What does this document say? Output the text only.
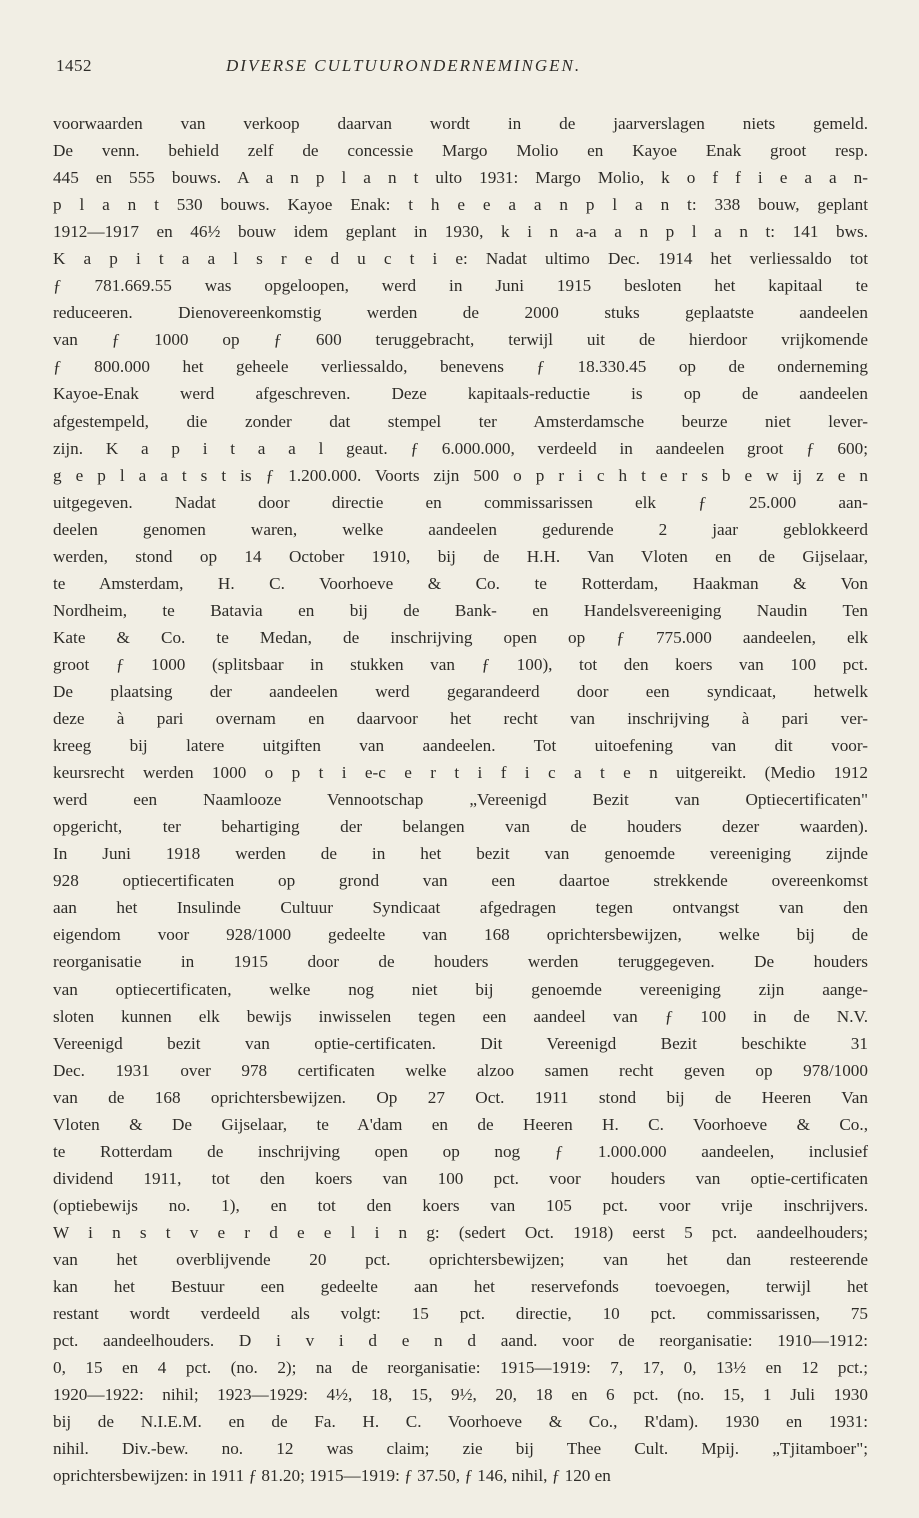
1452	DIVERSE CULTUURONDERNEMINGEN.
voorwaarden van verkoop daarvan wordt in de jaarverslagen niets gemeld.
De venn. behield zelf de concessie Margo Molio en Kayoe Enak groot resp.
445 en 555 bouws. A a n p l a n t ulto 1931: Margo Molio, k o f f i e a a n-
p l a n t 530 bouws. Kayoe Enak: t h e e a a n p l a n t: 338 bouw, geplant
1912—1917 en 46½ bouw idem geplant in 1930, k i n a-a a n p l a n t: 141 bws.
K a p i t a a l s r e d u c t i e: Nadat ultimo Dec. 1914 het verliessaldo tot
ƒ 781.669.55 was opgeloopen, werd in Juni 1915 besloten het kapitaal te
reduceeren. Dienovereenkomstig werden de 2000 stuks geplaatste aandeelen
van ƒ 1000 op ƒ 600 teruggebracht, terwijl uit de hierdoor vrijkomende
ƒ 800.000 het geheele verliessaldo, benevens ƒ 18.330.45 op de onderneming
Kayoe-Enak werd afgeschreven. Deze kapitaals-reductie is op de aandeelen
afgestempeld, die zonder dat stempel ter Amsterdamsche beurze niet lever-
zijn. K a p i t a a l geaut. ƒ 6.000.000, verdeeld in aandeelen groot ƒ 600;
g e p l a a t s t is ƒ 1.200.000. Voorts zijn 500 o p r i c h t e r s b e w ij z e n
uitgegeven. Nadat door directie en commissarissen elk ƒ 25.000 aan-
deelen genomen waren, welke aandeelen gedurende 2 jaar geblokkeerd
werden, stond op 14 October 1910, bij de H.H. Van Vloten en de Gijselaar,
te Amsterdam, H. C. Voorhoeve & Co. te Rotterdam, Haakman & Von
Nordheim, te Batavia en bij de Bank- en Handelsvereeniging Naudin Ten
Kate & Co. te Medan, de inschrijving open op ƒ 775.000 aandeelen, elk
groot ƒ 1000 (splitsbaar in stukken van ƒ 100), tot den koers van 100 pct.
De plaatsing der aandeelen werd gegarandeerd door een syndicaat, hetwelk
deze à pari overnam en daarvoor het recht van inschrijving à pari ver-
kreeg bij latere uitgiften van aandeelen. Tot uitoefening van dit voor-
keursrecht werden 1000 o p t i e-c e r t i f i c a t e n uitgereikt. (Medio 1912
werd een Naamlooze Vennootschap „Vereenigd Bezit van Optiecertificaten"
opgericht, ter behartiging der belangen van de houders dezer waarden).
In Juni 1918 werden de in het bezit van genoemde vereeniging zijnde
928 optiecertificaten op grond van een daartoe strekkende overeenkomst
aan het Insulinde Cultuur Syndicaat afgedragen tegen ontvangst van den
eigendom voor 928/1000 gedeelte van 168 oprichtersbewijzen, welke bij de
reorganisatie in 1915 door de houders werden teruggegeven. De houders
van optiecertificaten, welke nog niet bij genoemde vereeniging zijn aange-
sloten kunnen elk bewijs inwisselen tegen een aandeel van ƒ 100 in de N.V.
Vereenigd bezit van optie-certificaten. Dit Vereenigd Bezit beschikte 31
Dec. 1931 over 978 certificaten welke alzoo samen recht geven op 978/1000
van de 168 oprichtersbewijzen. Op 27 Oct. 1911 stond bij de Heeren Van
Vloten & De Gijselaar, te A'dam en de Heeren H. C. Voorhoeve & Co.,
te Rotterdam de inschrijving open op nog ƒ 1.000.000 aandeelen, inclusief
dividend 1911, tot den koers van 100 pct. voor houders van optie-certificaten
(optiebewijs no. 1), en tot den koers van 105 pct. voor vrije inschrijvers.
W i n s t v e r d e e l i n g: (sedert Oct. 1918) eerst 5 pct. aandeelhouders;
van het overblijvende 20 pct. oprichtersbewijzen; van het dan resteerende
kan het Bestuur een gedeelte aan het reservefonds toevoegen, terwijl het
restant wordt verdeeld als volgt: 15 pct. directie, 10 pct. commissarissen, 75
pct. aandeelhouders. D i v i d e n d aand. voor de reorganisatie: 1910—1912:
0, 15 en 4 pct. (no. 2); na de reorganisatie: 1915—1919: 7, 17, 0, 13½ en 12 pct.;
1920—1922: nihil; 1923—1929: 4½, 18, 15, 9½, 20, 18 en 6 pct. (no. 15, 1 Juli 1930
bij de N.I.E.M. en de Fa. H. C. Voorhoeve & Co., R'dam). 1930 en 1931:
nihil. Div.-bew. no. 12 was claim; zie bij Thee Cult. Mpij. „Tjitamboer";
oprichtersbewijzen: in 1911 ƒ 81.20; 1915—1919: ƒ 37.50, ƒ 146, nihil, ƒ 120 en
